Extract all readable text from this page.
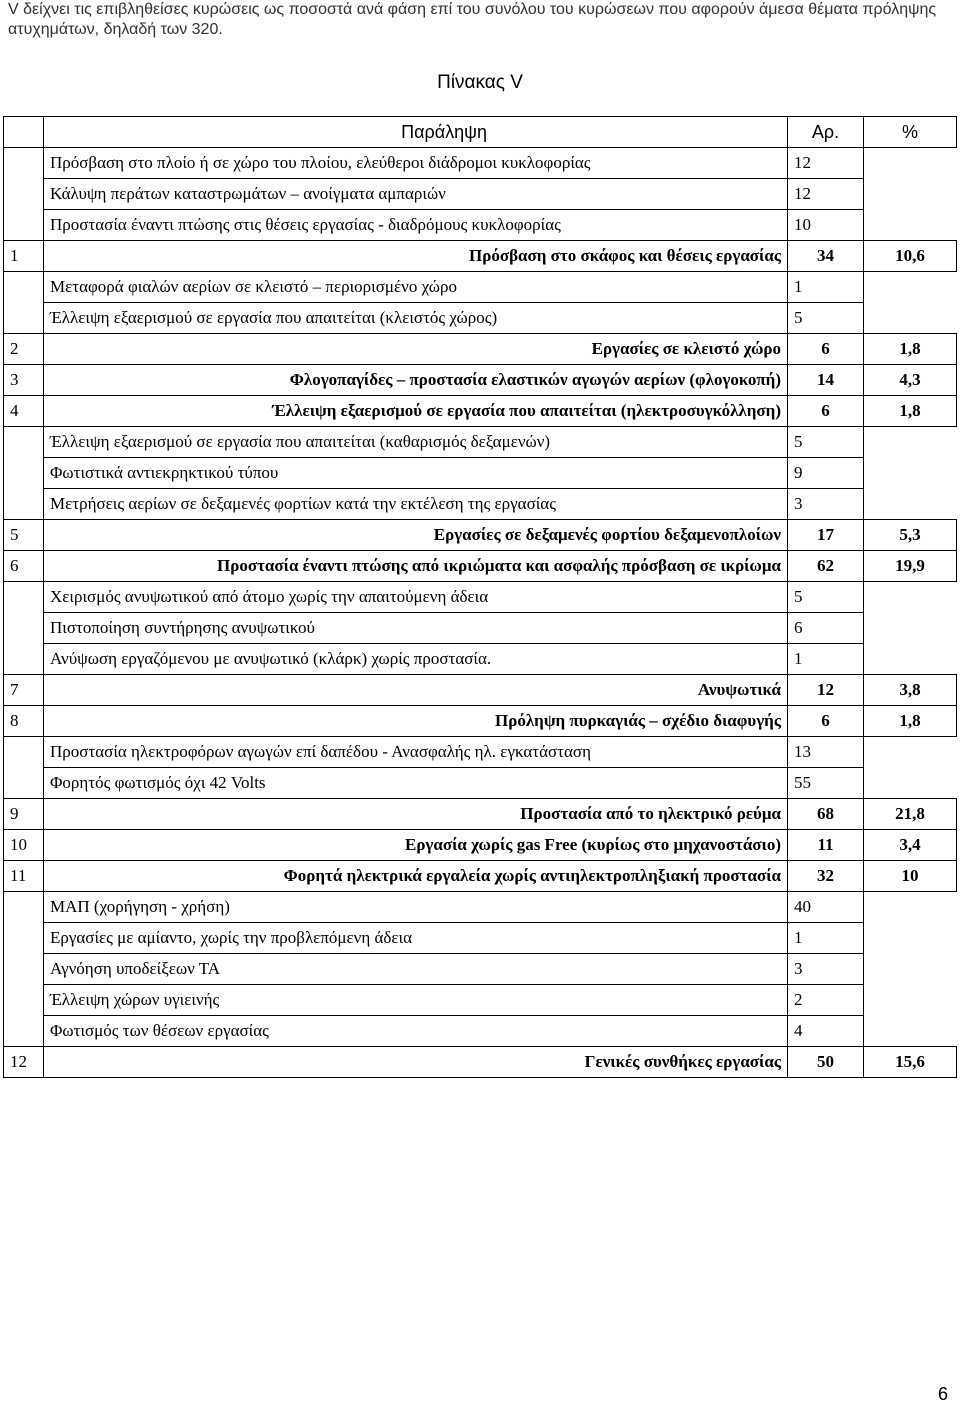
V δείχνει τις επιβληθείσες κυρώσεις ως ποσοστά ανά φάση επί του συνόλου του κυρώσεων που αφορούν άμεσα θέματα πρόληψης ατυχημάτων, δηλαδή των 320.
Πίνακας V
	Παράληψη	Αρ.	%
	Πρόσβαση στο πλοίο ή σε χώρο του πλοίου, ελεύθεροι διάδρομοι κυκλοφορίας	12	
	Κάλυψη περάτων καταστρωμάτων – ανοίγματα αμπαριών	12	
	Προστασία έναντι πτώσης στις θέσεις εργασίας - διαδρόμους κυκλοφορίας	10	
1	Πρόσβαση στο σκάφος και θέσεις εργασίας	34	10,6
	Μεταφορά φιαλών αερίων σε κλειστό – περιορισμένο χώρο	1	
	Έλλειψη εξαερισμού σε εργασία που απαιτείται (κλειστός χώρος)	5	
2	Εργασίες σε κλειστό χώρο	6	1,8
3	Φλογοπαγίδες – προστασία ελαστικών αγωγών αερίων (φλογοκοπή)	14	4,3
4	Έλλειψη εξαερισμού σε εργασία που απαιτείται (ηλεκτροσυγκόλληση)	6	1,8
	Έλλειψη εξαερισμού σε εργασία που απαιτείται (καθαρισμός δεξαμενών)	5	
	Φωτιστικά αντιεκρηκτικού τύπου	9	
	Μετρήσεις αερίων σε δεξαμενές φορτίων κατά την εκτέλεση της εργασίας	3	
5	Εργασίες σε δεξαμενές φορτίου δεξαμενοπλοίων	17	5,3
6	Προστασία έναντι πτώσης από ικριώματα και ασφαλής πρόσβαση σε ικρίωμα	62	19,9
	Χειρισμός ανυψωτικού από άτομο χωρίς την απαιτούμενη άδεια	5	
	Πιστοποίηση συντήρησης ανυψωτικού	6	
	Ανύψωση εργαζόμενου με ανυψωτικό (κλάρκ) χωρίς προστασία.	1	
7	Ανυψωτικά	12	3,8
8	Πρόληψη πυρκαγιάς – σχέδιο διαφυγής	6	1,8
	Προστασία ηλεκτροφόρων αγωγών επί δαπέδου - Ανασφαλής ηλ. εγκατάσταση	13	
	Φορητός φωτισμός όχι 42 Volts	55	
9	Προστασία από το ηλεκτρικό ρεύμα	68	21,8
10	Εργασία χωρίς gas Free (κυρίως στο μηχανοστάσιο)	11	3,4
11	Φορητά ηλεκτρικά εργαλεία χωρίς αντιηλεκτροπληξιακή προστασία	32	10
	ΜΑΠ (χορήγηση - χρήση)	40	
	Εργασίες με αμίαντο, χωρίς την προβλεπόμενη άδεια	1	
	Αγνόηση υποδείξεων ΤΑ	3	
	Έλλειψη χώρων υγιεινής	2	
	Φωτισμός των θέσεων εργασίας	4	
12	Γενικές συνθήκες εργασίας	50	15,6
6
